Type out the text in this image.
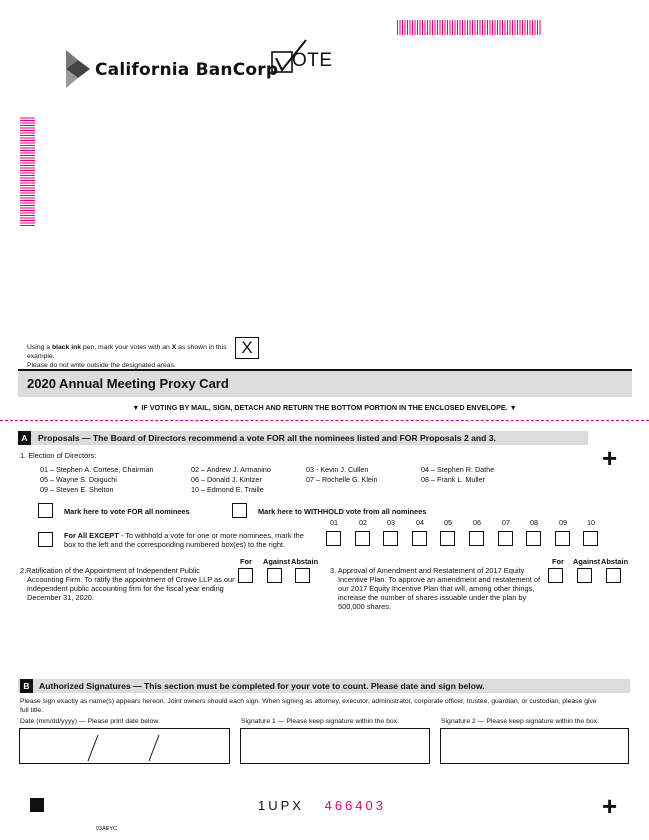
California BanCorp OTE
Using a black ink pen, mark your votes with an X as shown in this example.
Please do not write outside the designated areas.
X
2020 Annual Meeting Proxy Card
▼ IF VOTING BY MAIL, SIGN, DETACH AND RETURN THE BOTTOM PORTION IN THE ENCLOSED ENVELOPE. ▼
A	Proposals — The Board of Directors recommend a vote FOR all the nominees listed and FOR Proposals 2 and 3.
+
1. Election of Directors:
01 – Stephen A. Cortese, Chairman	02 – Andrew J. Armanino	03 - Kevin J. Cullen	04 – Stephen R. Dathe
05 – Wayne S. Doiguchi	06 – Donald J. Kintzer	07 – Rochelle G. Klein	08 – Frank L. Muller
09 – Steven E. Shelton	10 – Edmond E. Traille
Mark here to vote FOR all nominees	Mark here to WITHHOLD vote from all nominees
For All EXCEPT - To withhold a vote for one or more nominees, mark the
box to the left and the corresponding numbered box(es) to the right.
01	02	03	04	05	06	07	08	09	10
For Against Abstain
2.Ratification of the Appointment of Independent Public
Accounting Firm. To ratify the appointment of Crowe LLP as our
independent public accounting firm for the fiscal year ending
December 31, 2020.
For Against Abstain
3. Approval of Amendment and Restatement of 2017 Equity
Incentive Plan. To approve an amendment and restatement of
our 2017 Equity Incentive Plan that will, among other things,
increase the number of shares issuable under the plan by
500,000 shares.
B	Authorized Signatures — This section must be completed for your vote to count. Please date and sign below.
Please sign exactly as name(s) appears hereon. Joint owners should each sign. When signing as attorney, executor, administrator, corporate officer, trustee, guardian, or custodian, please give
full title.
Date (mm/dd/yyyy) — Please print date below.	Signature 1 — Please keep signature within the box.	Signature 2 — Please keep signature within the box.
1UPX 466403	+
03AEYC
